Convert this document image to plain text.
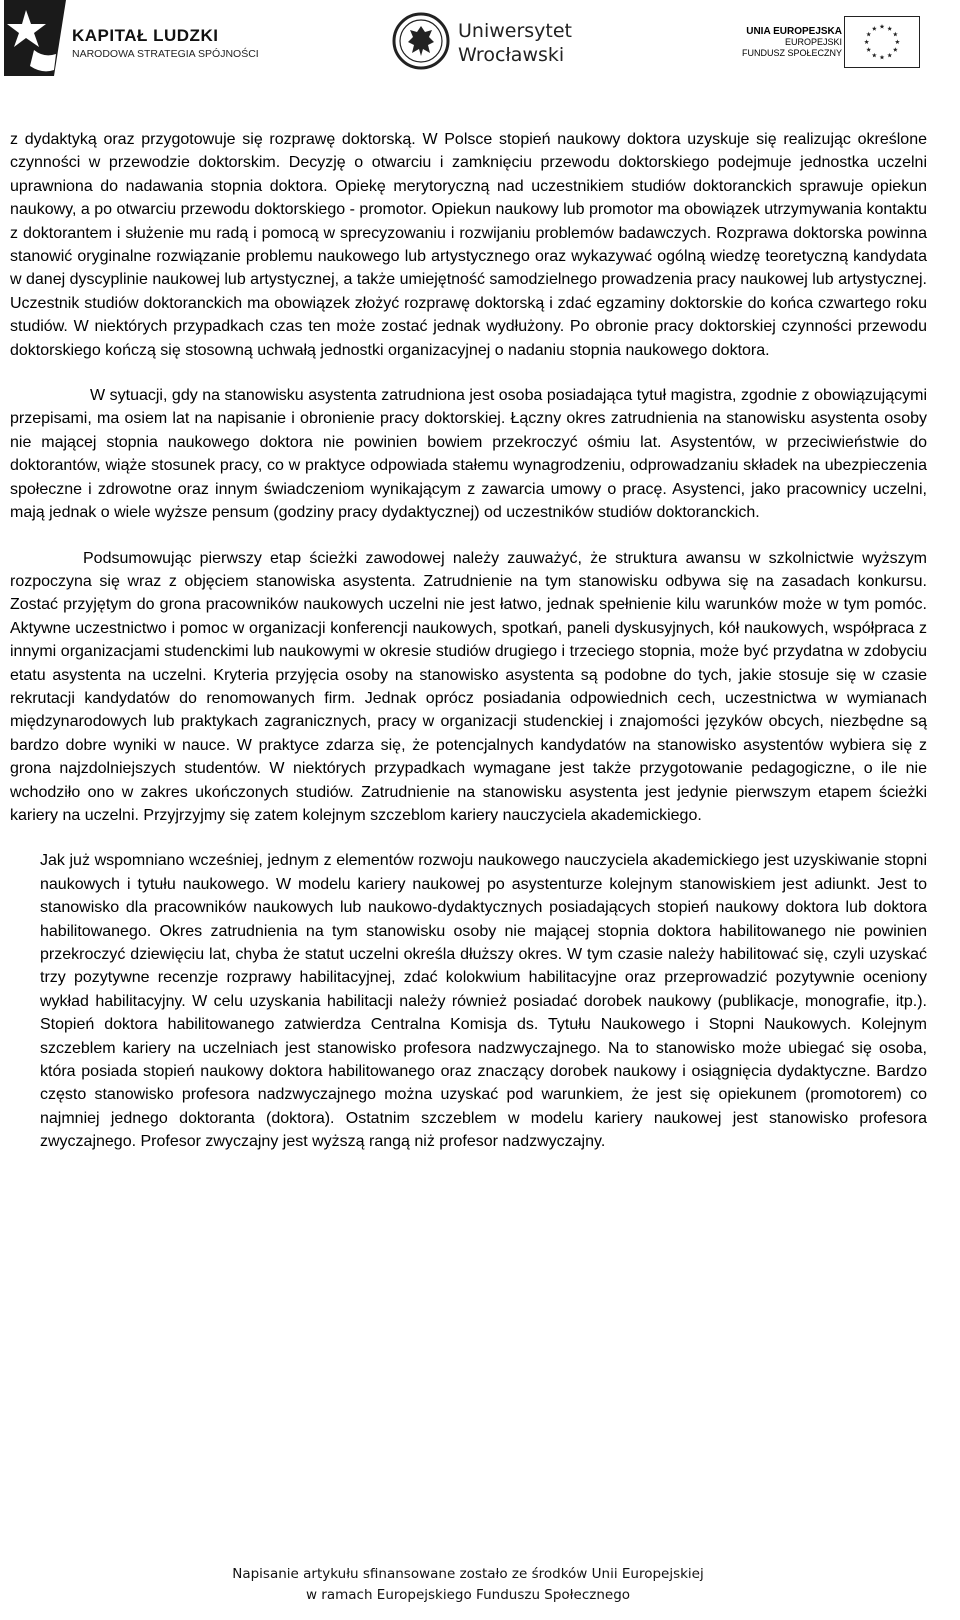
KAPITAŁ LUDZKI
NARODOWA STRATEGIA SPÓJNOŚCI
Uniwersytet
Wrocławski
UNIA EUROPEJSKA
EUROPEJSKI
FUNDUSZ SPOŁECZNY

z dydaktyką oraz przygotowuje się rozprawę doktorską. W Polsce stopień naukowy doktora uzyskuje się realizując określone czynności w przewodzie doktorskim. Decyzję o otwarciu i zamknięciu przewodu doktorskiego podejmuje jednostka uczelni uprawniona do nadawania stopnia doktora. Opiekę merytoryczną nad uczestnikiem studiów doktoranckich sprawuje opiekun naukowy, a po otwarciu przewodu doktorskiego - promotor. Opiekun naukowy lub promotor ma obowiązek utrzymywania kontaktu z doktorantem i służenie mu radą i pomocą w sprecyzowaniu i rozwijaniu problemów badawczych. Rozprawa doktorska powinna stanowić oryginalne rozwiązanie problemu naukowego lub artystycznego oraz wykazywać ogólną wiedzę teoretyczną kandydata w danej dyscyplinie naukowej lub artystycznej, a także umiejętność samodzielnego prowadzenia pracy naukowej lub artystycznej. Uczestnik studiów doktoranckich ma obowiązek złożyć rozprawę doktorską i zdać egzaminy doktorskie do końca czwartego roku studiów. W niektórych przypadkach czas ten może zostać jednak wydłużony. Po obronie pracy doktorskiej czynności przewodu doktorskiego kończą się stosowną uchwałą jednostki organizacyjnej o nadaniu stopnia naukowego doktora.

W sytuacji, gdy na stanowisku asystenta zatrudniona jest osoba posiadająca tytuł magistra, zgodnie z obowiązującymi przepisami, ma osiem lat na napisanie i obronienie pracy doktorskiej. Łączny okres zatrudnienia na stanowisku asystenta osoby nie mającej stopnia naukowego doktora nie powinien bowiem przekroczyć ośmiu lat. Asystentów, w przeciwieństwie do doktorantów, wiąże stosunek pracy, co w praktyce odpowiada stałemu wynagrodzeniu, odprowadzaniu składek na ubezpieczenia społeczne i zdrowotne oraz innym świadczeniom wynikającym z zawarcia umowy o pracę. Asystenci, jako pracownicy uczelni, mają jednak o wiele wyższe pensum (godziny pracy dydaktycznej) od uczestników studiów doktoranckich.

Podsumowując pierwszy etap ścieżki zawodowej należy zauważyć, że struktura awansu w szkolnictwie wyższym rozpoczyna się wraz z objęciem stanowiska asystenta. Zatrudnienie na tym stanowisku odbywa się na zasadach konkursu. Zostać przyjętym do grona pracowników naukowych uczelni nie jest łatwo, jednak spełnienie kilu warunków może w tym pomóc. Aktywne uczestnictwo i pomoc w organizacji konferencji naukowych, spotkań, paneli dyskusyjnych, kół naukowych, współpraca z innymi organizacjami studenckimi lub naukowymi w okresie studiów drugiego i trzeciego stopnia, może być przydatna w zdobyciu etatu asystenta na uczelni. Kryteria przyjęcia osoby na stanowisko asystenta są podobne do tych, jakie stosuje się w czasie rekrutacji kandydatów do renomowanych firm. Jednak oprócz posiadania odpowiednich cech, uczestnictwa w wymianach międzynarodowych lub praktykach zagranicznych, pracy w organizacji studenckiej i znajomości języków obcych, niezbędne są bardzo dobre wyniki w nauce. W praktyce zdarza się, że potencjalnych kandydatów na stanowisko asystentów wybiera się z grona najzdolniejszych studentów. W niektórych przypadkach wymagane jest także przygotowanie pedagogiczne, o ile nie wchodziło ono w zakres ukończonych studiów. Zatrudnienie na stanowisku asystenta jest jedynie pierwszym etapem ścieżki kariery na uczelni. Przyjrzyjmy się zatem kolejnym szczeblom kariery nauczyciela akademickiego.

Jak już wspomniano wcześniej, jednym z elementów rozwoju naukowego nauczyciela akademickiego jest uzyskiwanie stopni naukowych i tytułu naukowego. W modelu kariery naukowej po asystenturze kolejnym stanowiskiem jest adiunkt. Jest to stanowisko dla pracowników naukowych lub naukowo-dydaktycznych posiadających stopień naukowy doktora lub doktora habilitowanego. Okres zatrudnienia na tym stanowisku osoby nie mającej stopnia doktora habilitowanego nie powinien przekroczyć dziewięciu lat, chyba że statut uczelni określa dłuższy okres. W tym czasie należy habilitować się, czyli uzyskać trzy pozytywne recenzje rozprawy habilitacyjnej, zdać kolokwium habilitacyjne oraz przeprowadzić pozytywnie oceniony wykład habilitacyjny. W celu uzyskania habilitacji należy również posiadać dorobek naukowy (publikacje, monografie, itp.). Stopień doktora habilitowanego zatwierdza Centralna Komisja ds. Tytułu Naukowego i Stopni Naukowych. Kolejnym szczeblem kariery na uczelniach jest stanowisko profesora nadzwyczajnego. Na to stanowisko może ubiegać się osoba, która posiada stopień naukowy doktora habilitowanego oraz znaczący dorobek naukowy i osiągnięcia dydaktyczne. Bardzo często stanowisko profesora nadzwyczajnego można uzyskać pod warunkiem, że jest się opiekunem (promotorem) co najmniej jednego doktoranta (doktora). Ostatnim szczeblem w modelu kariery naukowej jest stanowisko profesora zwyczajnego. Profesor zwyczajny jest wyższą rangą niż profesor nadzwyczajny.

Napisanie artykułu sfinansowane zostało ze środków Unii Europejskiej
w ramach Europejskiego Funduszu Społecznego
